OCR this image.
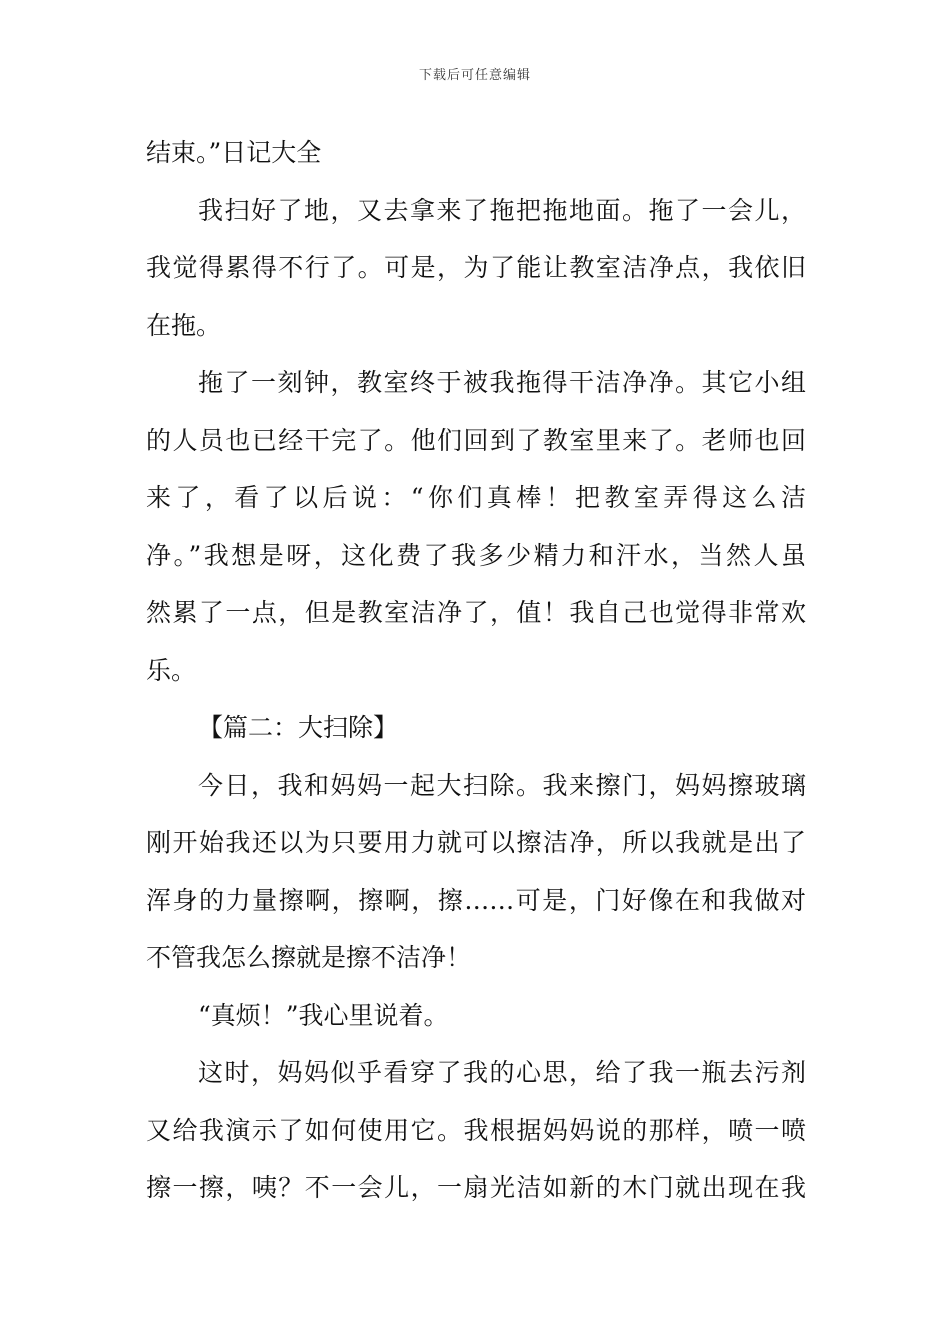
下载后可任意编辑
结束。”日记大全
我扫好了地，又去拿来了拖把拖地面。拖了一会儿，
我觉得累得不行了。可是，为了能让教室洁净点，我依旧
在拖。
拖了一刻钟，教室终于被我拖得干洁净净。其它小组
的人员也已经干完了。他们回到了教室里来了。老师也回
来了，看了以后说：“你们真棒！把教室弄得这么洁
净。”我想是呀，这化费了我多少精力和汗水，当然人虽
然累了一点，但是教室洁净了，值！我自己也觉得非常欢
乐。
【篇二：大扫除】
今日，我和妈妈一起大扫除。我来擦门，妈妈擦玻璃
刚开始我还以为只要用力就可以擦洁净，所以我就是出了
浑身的力量擦啊，擦啊，擦……可是，门好像在和我做对
不管我怎么擦就是擦不洁净！
“真烦！”我心里说着。
这时，妈妈似乎看穿了我的心思，给了我一瓶去污剂
又给我演示了如何使用它。我根据妈妈说的那样，喷一喷
擦一擦，咦？不一会儿，一扇光洁如新的木门就出现在我
